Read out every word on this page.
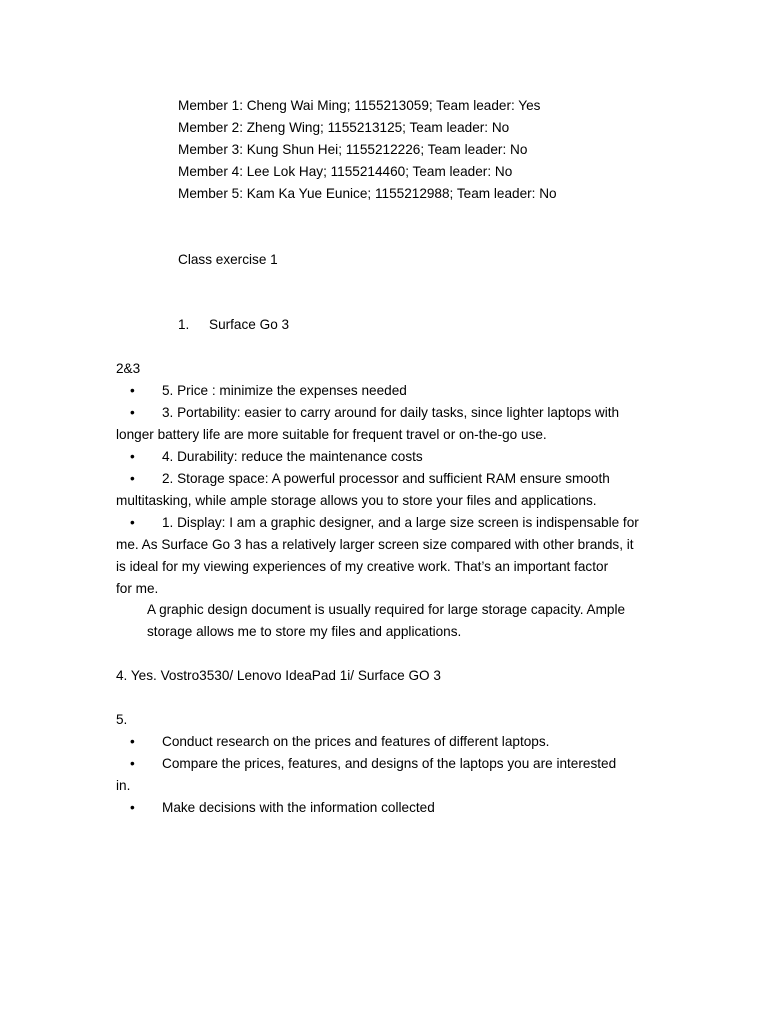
Member 1: Cheng Wai Ming; 1155213059; Team leader: Yes
Member 2: Zheng Wing; 1155213125; Team leader: No
Member 3: Kung Shun Hei; 1155212226; Team leader: No
Member 4: Lee Lok Hay; 1155214460; Team leader: No
Member 5: Kam Ka Yue Eunice; 1155212988; Team leader: No
Class exercise 1
1. Surface Go 3
2&3
• 5. Price : minimize the expenses needed
• 3. Portability: easier to carry around for daily tasks, since lighter laptops with
longer battery life are more suitable for frequent travel or on-the-go use.
• 4. Durability: reduce the maintenance costs
• 2. Storage space: A powerful processor and sufficient RAM ensure smooth
multitasking, while ample storage allows you to store your files and applications.
• 1. Display: I am a graphic designer, and a large size screen is indispensable for
me. As Surface Go 3 has a relatively larger screen size compared with other brands, it
is ideal for my viewing experiences of my creative work. That’s an important factor
for me.
A graphic design document is usually required for large storage capacity. Ample
storage allows me to store my files and applications.
4. Yes. Vostro3530/ Lenovo IdeaPad 1i/ Surface GO 3
5.
• Conduct research on the prices and features of different laptops.
• Compare the prices, features, and designs of the laptops you are interested
in.
• Make decisions with the information collected
